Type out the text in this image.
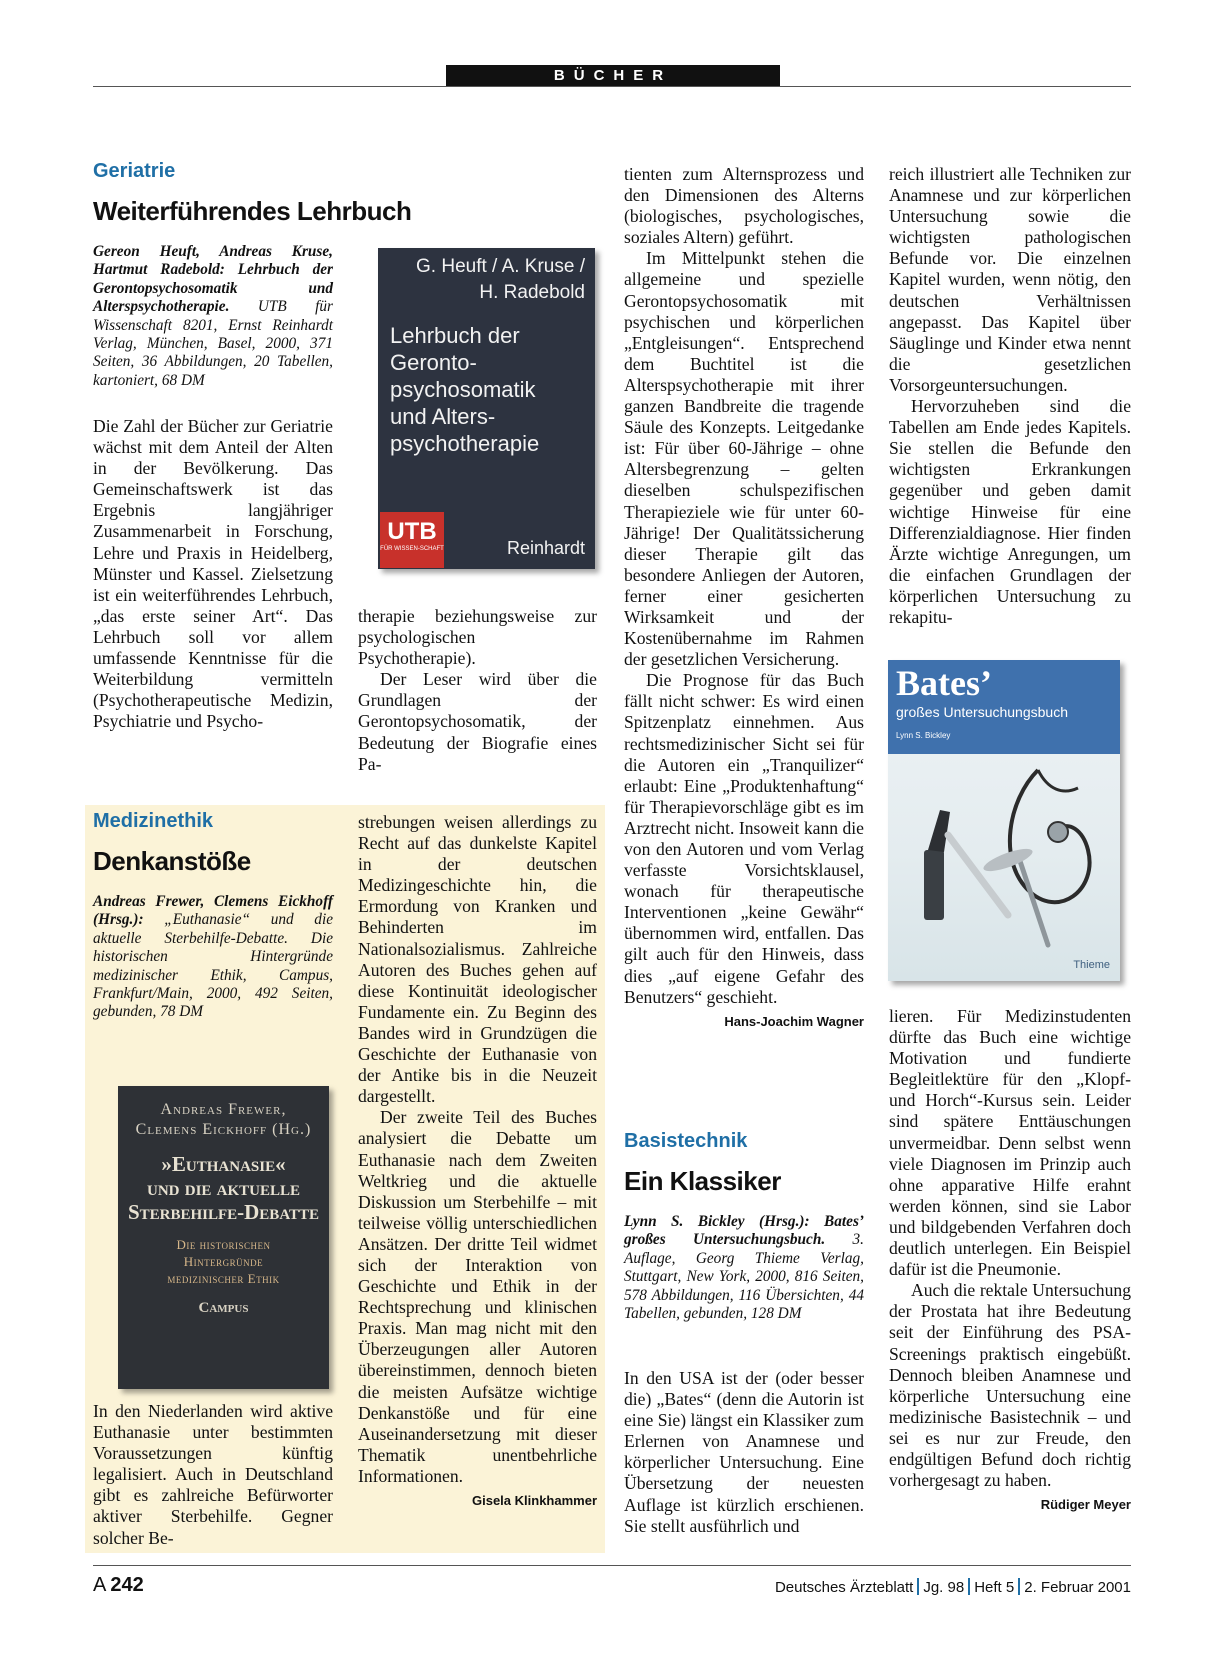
BÜCHER
Geriatrie
Weiterführendes Lehrbuch
Gereon Heuft, Andreas Kruse, Hartmut Radebold: Lehrbuch der Gerontopsychosomatik und Alterspsychotherapie. UTB für Wissenschaft 8201, Ernst Reinhardt Verlag, München, Basel, 2000, 371 Seiten, 36 Abbildungen, 20 Tabellen, kartoniert, 68 DM
G. Heuft / A. Kruse /
H. Radebold
Lehrbuch der
Geronto-
psychosomatik
und Alters-
psychotherapie
UTB
FÜR WISSEN-SCHAFT	Reinhardt

Die Zahl der Bücher zur Geriatrie wächst mit dem Anteil der Alten in der Bevölkerung. Das Gemeinschaftswerk ist das Ergebnis langjähriger Zusammenarbeit in Forschung, Lehre und Praxis in Heidelberg, Münster und Kassel. Zielsetzung ist ein weiterführendes Lehrbuch, „das erste seiner Art“. Das Lehrbuch soll vor allem umfassende Kenntnisse für die Weiterbildung vermitteln (Psychotherapeutische Medizin, Psychiatrie und Psycho-

therapie beziehungsweise zur psychologischen Psychotherapie).

Der Leser wird über die Grundlagen der Gerontopsychosomatik, der Bedeutung der Biografie eines Pa-

tienten zum Alternsprozess und den Dimensionen des Alterns (biologisches, psychologisches, soziales Altern) geführt.

Im Mittelpunkt stehen die allgemeine und spezielle Gerontopsychosomatik mit psychischen und körperlichen „Entgleisungen“. Entsprechend dem Buchtitel ist die Alterspsychotherapie mit ihrer ganzen Bandbreite die tragende Säule des Konzepts. Leitgedanke ist: Für über 60-Jährige – ohne Altersbegrenzung – gelten dieselben schulspezifischen Therapieziele wie für unter 60-Jährige! Der Qualitätssicherung dieser Therapie gilt das besondere Anliegen der Autoren, ferner einer gesicherten Wirksamkeit und der Kostenübernahme im Rahmen der gesetzlichen Versicherung.

Die Prognose für das Buch fällt nicht schwer: Es wird einen Spitzenplatz einnehmen. Aus rechtsmedizinischer Sicht sei für die Autoren ein „Tranquilizer“ erlaubt: Eine „Produktenhaftung“ für Therapievorschläge gibt es im Arztrecht nicht. Insoweit kann die von den Autoren und vom Verlag verfasste Vorsichtsklausel, wonach für therapeutische Interventionen „keine Gewähr“ übernommen wird, entfallen. Das gilt auch für den Hinweis, dass dies „auf eigene Gefahr des Benutzers“ geschieht.
Hans-Joachim Wagner

Medizinethik
Denkanstöße
Andreas Frewer, Clemens Eickhoff (Hrsg.): „Euthanasie“ und die aktuelle Sterbehilfe-Debatte. Die historischen Hintergründe medizinischer Ethik, Campus, Frankfurt/Main, 2000, 492 Seiten, gebunden, 78 DM
Andreas Frewer,
Clemens Eickhoff (Hg.)
»Euthanasie«
und die aktuelle
Sterbehilfe-Debatte
Die historischen
Hintergründe
medizinischer Ethik
Campus

In den Niederlanden wird aktive Euthanasie unter bestimmten Voraussetzungen künftig legalisiert. Auch in Deutschland gibt es zahlreiche Befürworter aktiver Sterbehilfe. Gegner solcher Be-

strebungen weisen allerdings zu Recht auf das dunkelste Kapitel in der deutschen Medizingeschichte hin, die Ermordung von Kranken und Behinderten im Nationalsozialismus. Zahlreiche Autoren des Buches gehen auf diese Kontinuität ideologischer Fundamente ein. Zu Beginn des Bandes wird in Grundzügen die Geschichte der Euthanasie von der Antike bis in die Neuzeit dargestellt.

Der zweite Teil des Buches analysiert die Debatte um Euthanasie nach dem Zweiten Weltkrieg und die aktuelle Diskussion um Sterbehilfe – mit teilweise völlig unterschiedlichen Ansätzen. Der dritte Teil widmet sich der Interaktion von Geschichte und Ethik in der Rechtsprechung und klinischen Praxis. Man mag nicht mit den Überzeugungen aller Autoren übereinstimmen, dennoch bieten die meisten Aufsätze wichtige Denkanstöße und für eine Auseinandersetzung mit dieser Thematik unentbehrliche Informationen.
Gisela Klinkhammer

Basistechnik
Ein Klassiker
Lynn S. Bickley (Hrsg.): Bates’ großes Untersuchungsbuch. 3. Auflage, Georg Thieme Verlag, Stuttgart, New York, 2000, 816 Seiten, 578 Abbildungen, 116 Übersichten, 44 Tabellen, gebunden, 128 DM

In den USA ist der (oder besser die) „Bates“ (denn die Autorin ist eine Sie) längst ein Klassiker zum Erlernen von Anamnese und körperlicher Untersuchung. Eine Übersetzung der neuesten Auflage ist kürzlich erschienen. Sie stellt ausführlich und

reich illustriert alle Techniken zur Anamnese und zur körperlichen Untersuchung sowie die wichtigsten pathologischen Befunde vor. Die einzelnen Kapitel wurden, wenn nötig, den deutschen Verhältnissen angepasst. Das Kapitel über Säuglinge und Kinder etwa nennt die gesetzlichen Vorsorgeuntersuchungen.

Hervorzuheben sind die Tabellen am Ende jedes Kapitels. Sie stellen die Befunde den wichtigsten Erkrankungen gegenüber und geben damit wichtige Hinweise für eine Differenzialdiagnose. Hier finden Ärzte wichtige Anregungen, um die einfachen Grundlagen der körperlichen Untersuchung zu rekapitu-

Bates’
großes Untersuchungsbuch
Lynn S. Bickley
Thieme

lieren. Für Medizinstudenten dürfte das Buch eine wichtige Motivation und fundierte Begleitlektüre für den „Klopf- und Horch“-Kursus sein. Leider sind spätere Enttäuschungen unvermeidbar. Denn selbst wenn viele Diagnosen im Prinzip auch ohne apparative Hilfe erahnt werden können, sind sie Labor und bildgebenden Verfahren doch deutlich unterlegen. Ein Beispiel dafür ist die Pneumonie.

Auch die rektale Untersuchung der Prostata hat ihre Bedeutung seit der Einführung des PSA-Screenings praktisch eingebüßt. Dennoch bleiben Anamnese und körperliche Untersuchung eine medizinische Basistechnik – und sei es nur zur Freude, den endgültigen Befund doch richtig vorhergesagt zu haben.
Rüdiger Meyer

A 242	Deutsches Ärzteblatt Jg. 98 Heft 5 2. Februar 2001
